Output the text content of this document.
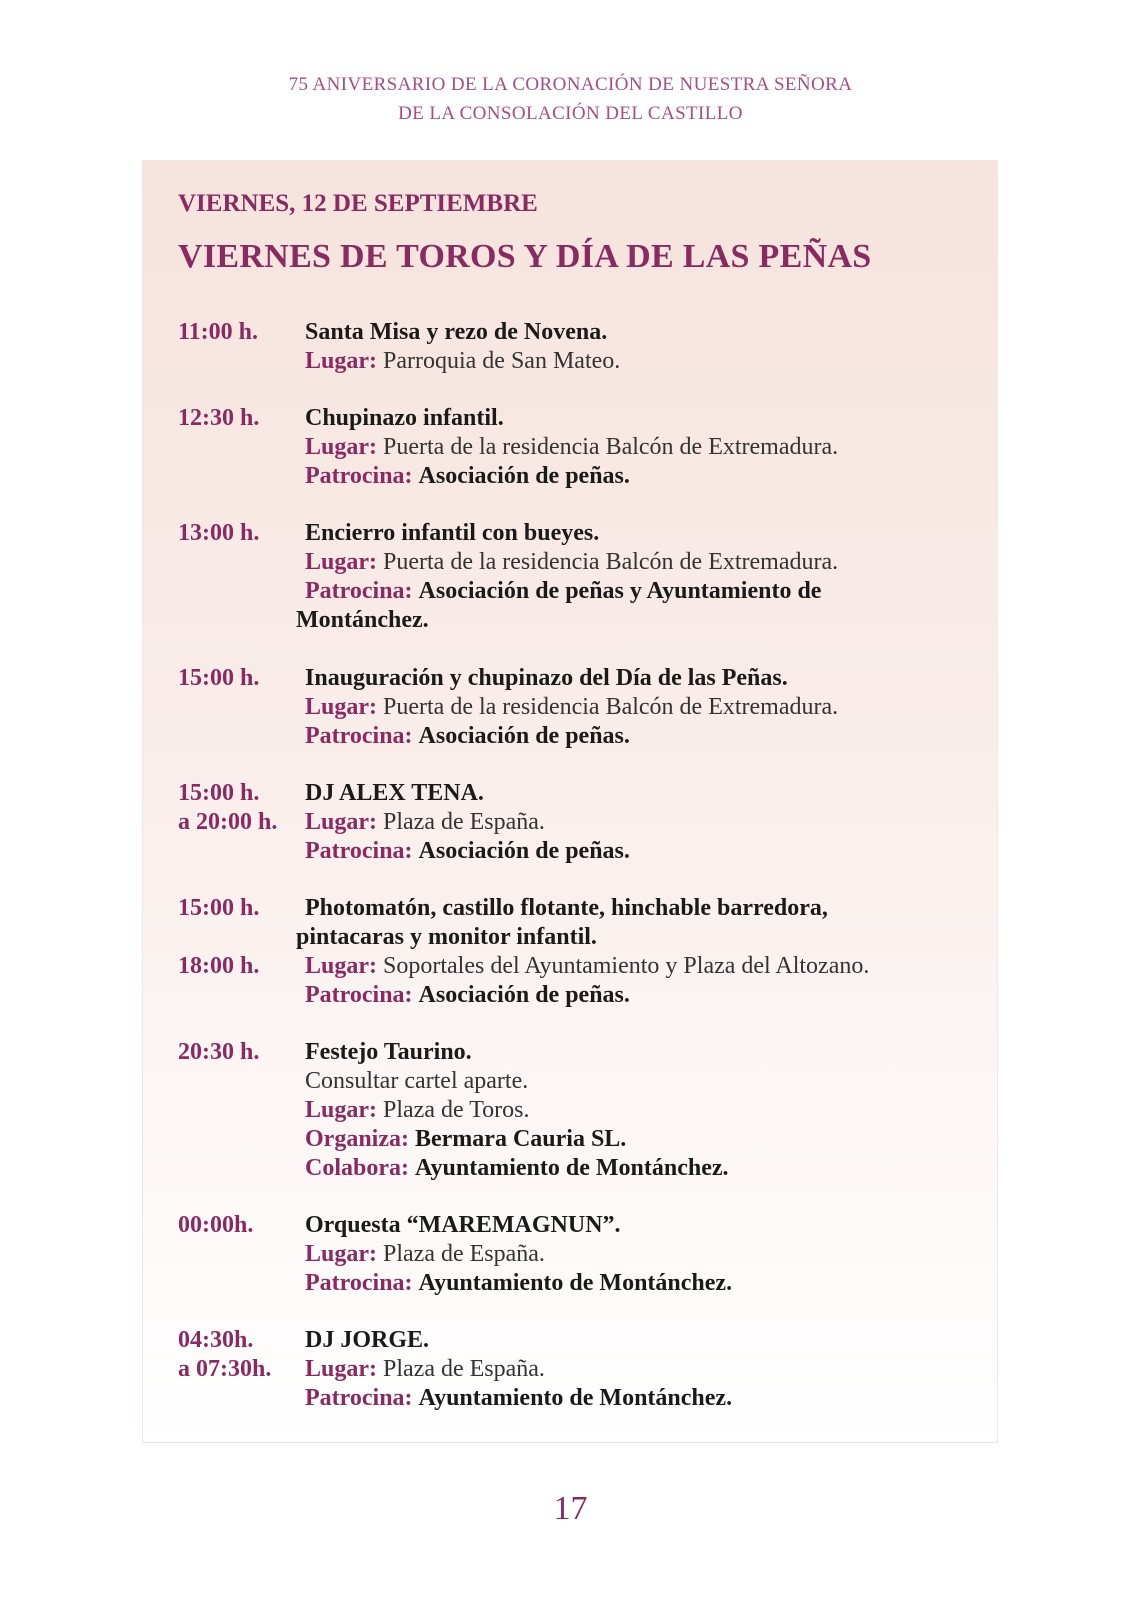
75 ANIVERSARIO DE LA CORONACIÓN DE NUESTRA SEÑORA
DE LA CONSOLACIÓN DEL CASTILLO
VIERNES, 12 DE SEPTIEMBRE
VIERNES DE TOROS Y DÍA DE LAS PEÑAS
11:00 h. Santa Misa y rezo de Novena.
Lugar: Parroquia de San Mateo.
12:30 h. Chupinazo infantil.
Lugar: Puerta de la residencia Balcón de Extremadura.
Patrocina: Asociación de peñas.
13:00 h. Encierro infantil con bueyes.
Lugar: Puerta de la residencia Balcón de Extremadura.
Patrocina: Asociación de peñas y Ayuntamiento de
Montánchez.
15:00 h. Inauguración y chupinazo del Día de las Peñas.
Lugar: Puerta de la residencia Balcón de Extremadura.
Patrocina: Asociación de peñas.
15:00 h.
a 20:00 h.
DJ ALEX TENA.
Lugar: Plaza de España.
Patrocina: Asociación de peñas.
15:00 h. Photomatón, castillo flotante, hinchable barredora,
pintacaras y monitor infantil.
18:00 h. Lugar: Soportales del Ayuntamiento y Plaza del Altozano.
Patrocina: Asociación de peñas.
20:30 h. Festejo Taurino.
Consultar cartel aparte.
Lugar: Plaza de Toros.
Organiza: Bermara Cauria SL.
Colabora: Ayuntamiento de Montánchez.
00:00h. Orquesta “MAREMAGNUN”.
Lugar: Plaza de España.
Patrocina: Ayuntamiento de Montánchez.
04:30h.
a 07:30h.
DJ JORGE.
Lugar: Plaza de España.
Patrocina: Ayuntamiento de Montánchez.
17
